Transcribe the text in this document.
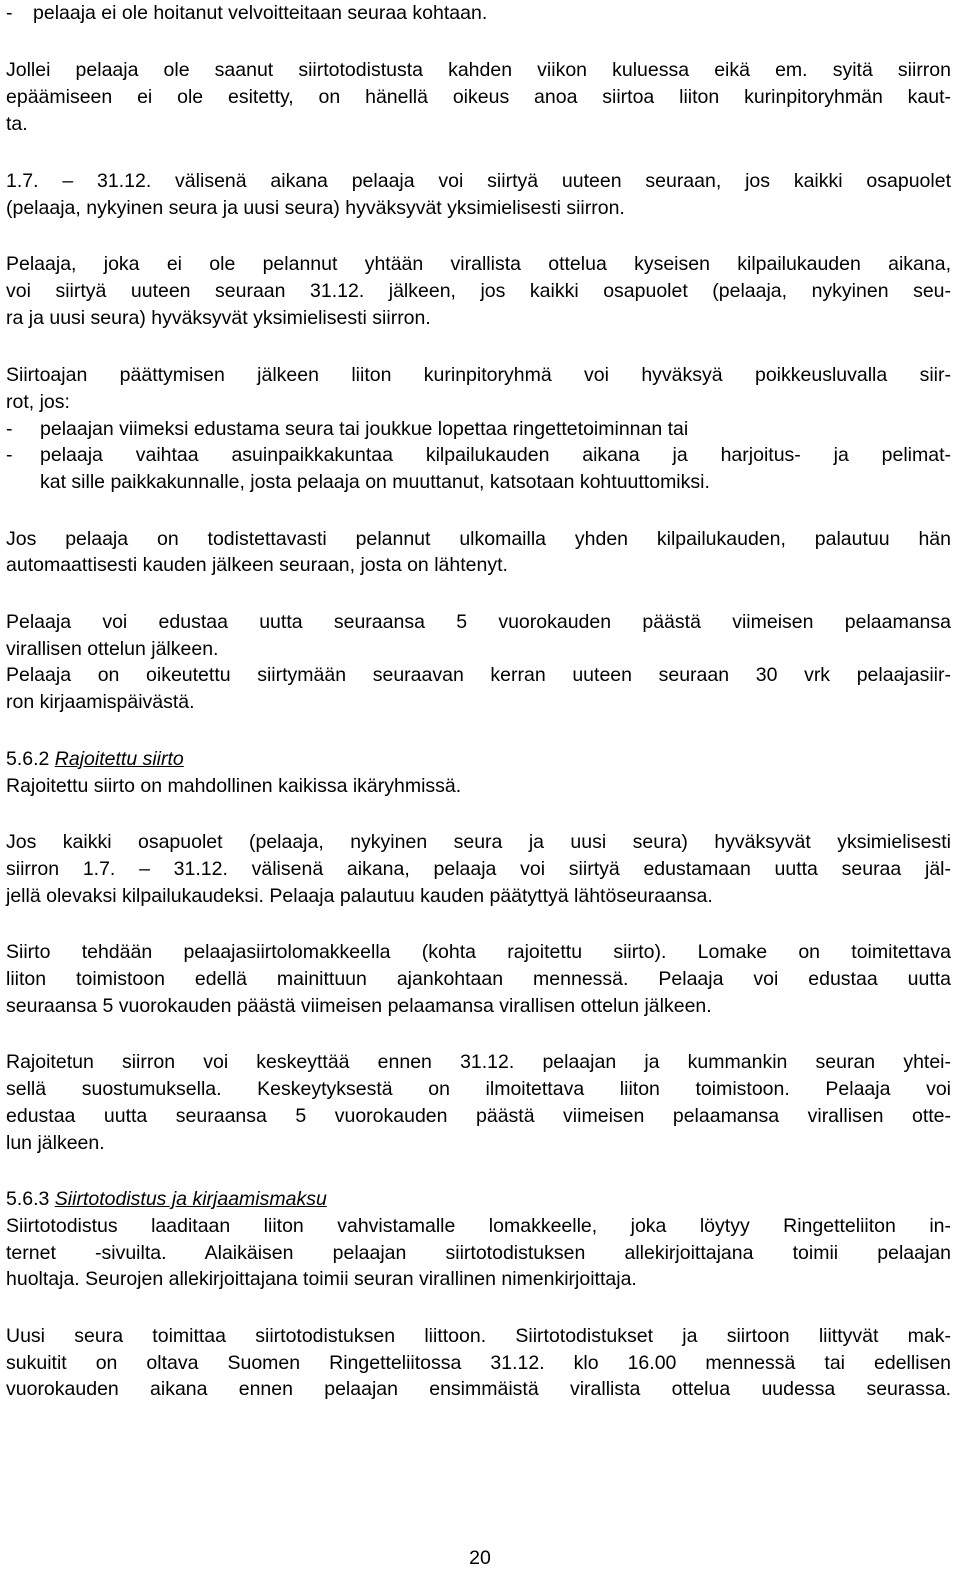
- pelaaja ei ole hoitanut velvoitteitaan seuraa kohtaan.
Jollei pelaaja ole saanut siirtotodistusta kahden viikon kuluessa eikä em. syitä siirron
epäämiseen ei ole esitetty, on hänellä oikeus anoa siirtoa liiton kurinpitoryhmän kaut-
ta.
1.7. – 31.12. välisenä aikana pelaaja voi siirtyä uuteen seuraan, jos kaikki osapuolet
(pelaaja, nykyinen seura ja uusi seura) hyväksyvät yksimielisesti siirron.
Pelaaja, joka ei ole pelannut yhtään virallista ottelua kyseisen kilpailukauden aikana,
voi siirtyä uuteen seuraan 31.12. jälkeen, jos kaikki osapuolet (pelaaja, nykyinen seu-
ra ja uusi seura) hyväksyvät yksimielisesti siirron.
Siirtoajan päättymisen jälkeen liiton kurinpitoryhmä voi hyväksyä poikkeusluvalla siir-
rot, jos:
- pelaajan viimeksi edustama seura tai joukkue lopettaa ringettetoiminnan tai
- pelaaja vaihtaa asuinpaikkakuntaa kilpailukauden aikana ja harjoitus- ja pelimat-
kat sille paikkakunnalle, josta pelaaja on muuttanut, katsotaan kohtuuttomiksi.
Jos pelaaja on todistettavasti pelannut ulkomailla yhden kilpailukauden, palautuu hän
automaattisesti kauden jälkeen seuraan, josta on lähtenyt.
Pelaaja voi edustaa uutta seuraansa 5 vuorokauden päästä viimeisen pelaamansa
virallisen ottelun jälkeen.
Pelaaja on oikeutettu siirtymään seuraavan kerran uuteen seuraan 30 vrk pelaajasiir-
ron kirjaamispäivästä.
5.6.2 Rajoitettu siirto
Rajoitettu siirto on mahdollinen kaikissa ikäryhmissä.
Jos kaikki osapuolet (pelaaja, nykyinen seura ja uusi seura) hyväksyvät yksimielisesti
siirron 1.7. – 31.12. välisenä aikana, pelaaja voi siirtyä edustamaan uutta seuraa jäl-
jellä olevaksi kilpailukaudeksi. Pelaaja palautuu kauden päätyttyä lähtöseuraansa.
Siirto tehdään pelaajasiirtolomakkeella (kohta rajoitettu siirto). Lomake on toimitettava
liiton toimistoon edellä mainittuun ajankohtaan mennessä. Pelaaja voi edustaa uutta
seuraansa 5 vuorokauden päästä viimeisen pelaamansa virallisen ottelun jälkeen.
Rajoitetun siirron voi keskeyttää ennen 31.12. pelaajan ja kummankin seuran yhtei-
sellä suostumuksella. Keskeytyksestä on ilmoitettava liiton toimistoon. Pelaaja voi
edustaa uutta seuraansa 5 vuorokauden päästä viimeisen pelaamansa virallisen otte-
lun jälkeen.
5.6.3 Siirtotodistus ja kirjaamismaksu
Siirtotodistus laaditaan liiton vahvistamalle lomakkeelle, joka löytyy Ringetteliiton in-
ternet -sivuilta. Alaikäisen pelaajan siirtotodistuksen allekirjoittajana toimii pelaajan
huoltaja. Seurojen allekirjoittajana toimii seuran virallinen nimenkirjoittaja.
Uusi seura toimittaa siirtotodistuksen liittoon. Siirtotodistukset ja siirtoon liittyvät mak-
sukuitit on oltava Suomen Ringetteliitossa 31.12. klo 16.00 mennessä tai edellisen
vuorokauden aikana ennen pelaajan ensimmäistä virallista ottelua uudessa seurassa.
20
